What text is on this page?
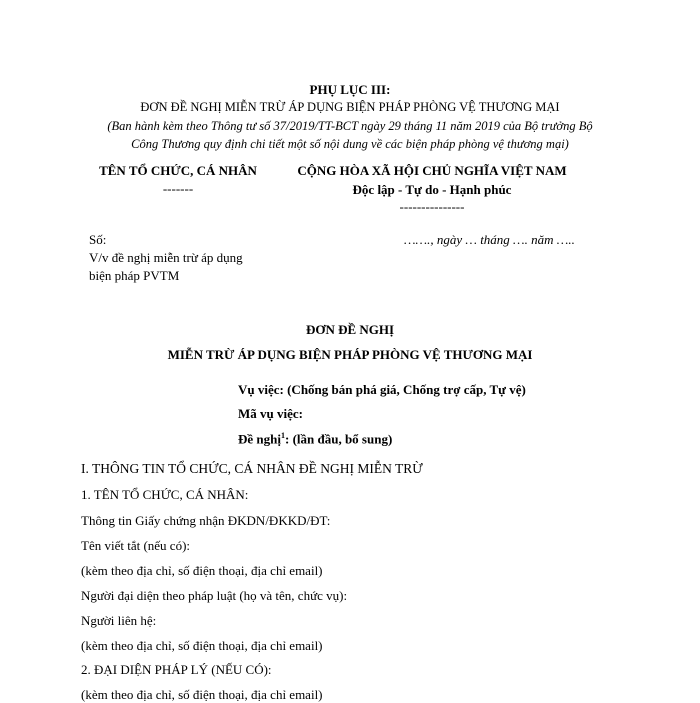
PHỤ LỤC III:
ĐƠN ĐỀ NGHỊ MIỄN TRỪ ÁP DỤNG BIỆN PHÁP PHÒNG VỆ THƯƠNG MẠI
(Ban hành kèm theo Thông tư số 37/2019/TT-BCT ngày 29 tháng 11 năm 2019 của Bộ trưởng Bộ
Công Thương quy định chi tiết một số nội dung về các biện pháp phòng vệ thương mại)
TÊN TỔ CHỨC, CÁ NHÂN
-------
CỘNG HÒA XÃ HỘI CHỦ NGHĨA VIỆT NAM
Độc lập - Tự do - Hạnh phúc
---------------
Số:	……., ngày … tháng …. năm …..
V/v đề nghị miễn trừ áp dụng
biện pháp PVTM
ĐƠN ĐỀ NGHỊ
MIỄN TRỪ ÁP DỤNG BIỆN PHÁP PHÒNG VỆ THƯƠNG MẠI
Vụ việc: (Chống bán phá giá, Chống trợ cấp, Tự vệ)
Mã vụ việc:
Đề nghị$^1$: (lần đầu, bổ sung)
I. THÔNG TIN TỔ CHỨC, CÁ NHÂN ĐỀ NGHỊ MIỄN TRỪ
1. TÊN TỔ CHỨC, CÁ NHÂN:
Thông tin Giấy chứng nhận ĐKDN/ĐKKD/ĐT:
Tên viết tắt (nếu có):
(kèm theo địa chỉ, số điện thoại, địa chỉ email)
Người đại diện theo pháp luật (họ và tên, chức vụ):
Người liên hệ:
(kèm theo địa chỉ, số điện thoại, địa chỉ email)
2. ĐẠI DIỆN PHÁP LÝ (NẾU CÓ):
(kèm theo địa chỉ, số điện thoại, địa chỉ email)
